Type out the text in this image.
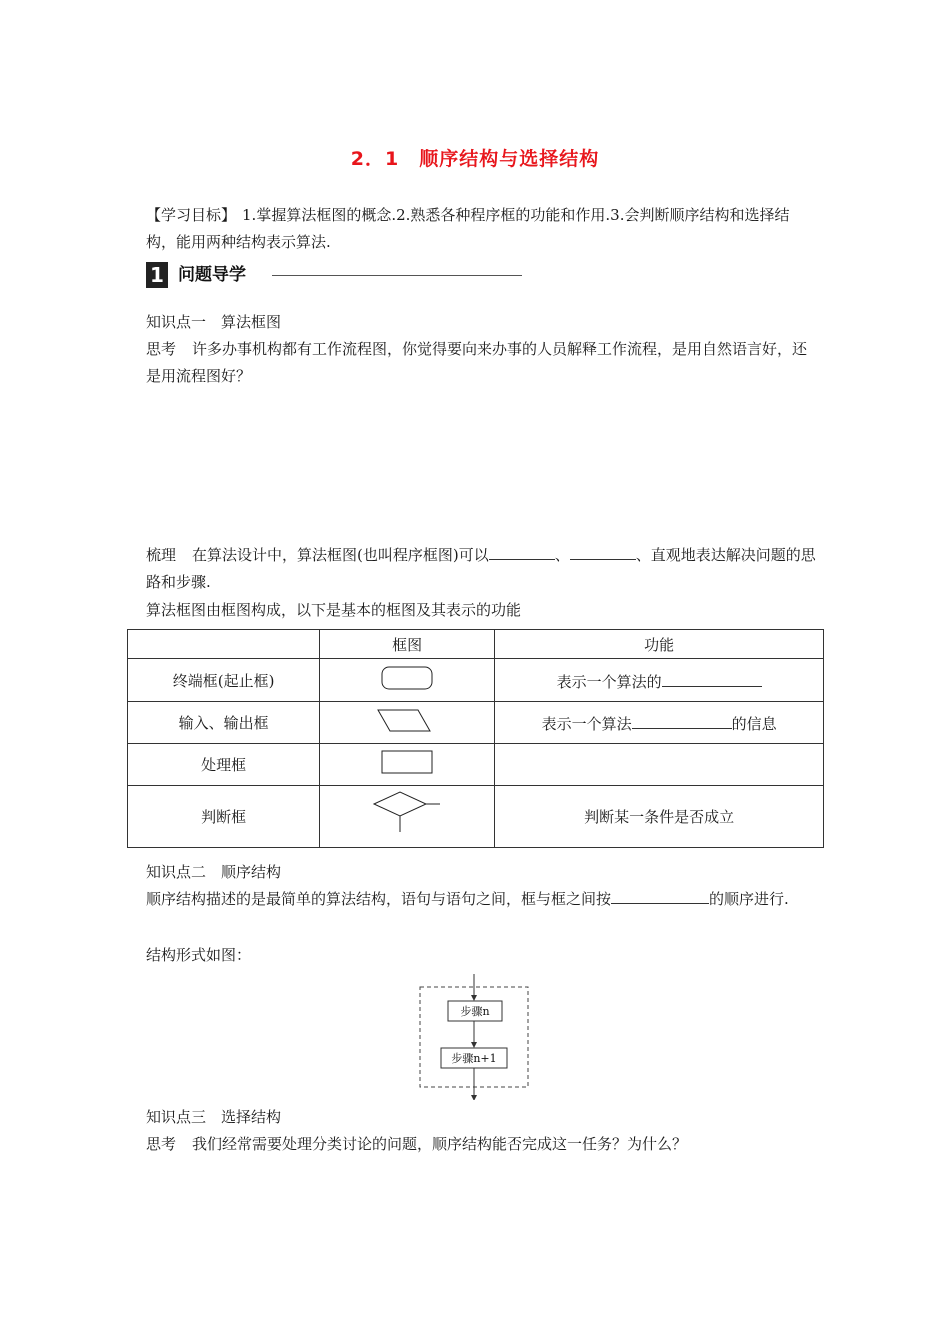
2．1　顺序结构与选择结构
【学习目标】 1.掌握算法框图的概念.2.熟悉各种程序框的功能和作用.3.会判断顺序结构和选择结构，能用两种结构表示算法.
1 问题导学
知识点一　算法框图
思考 许多办事机构都有工作流程图，你觉得要向来办事的人员解释工作流程，是用自然语言好，还是用流程图好？
梳理 在算法设计中，算法框图(也叫程序框图)可以	、	、直观地表达解决问题的思路和步骤.
算法框图由框图构成，以下是基本的框图及其表示的功能
	框图	功能
终端框(起止框)		表示一个算法的
输入、输出框		表示一个算法 的信息
处理框		
判断框		判断某一条件是否成立
知识点二　顺序结构
顺序结构描述的是最简单的算法结构，语句与语句之间，框与框之间按	的顺序进行.
结构形式如图：
步骤n
步骤n+1
知识点三　选择结构
思考 我们经常需要处理分类讨论的问题，顺序结构能否完成这一任务？为什么？
